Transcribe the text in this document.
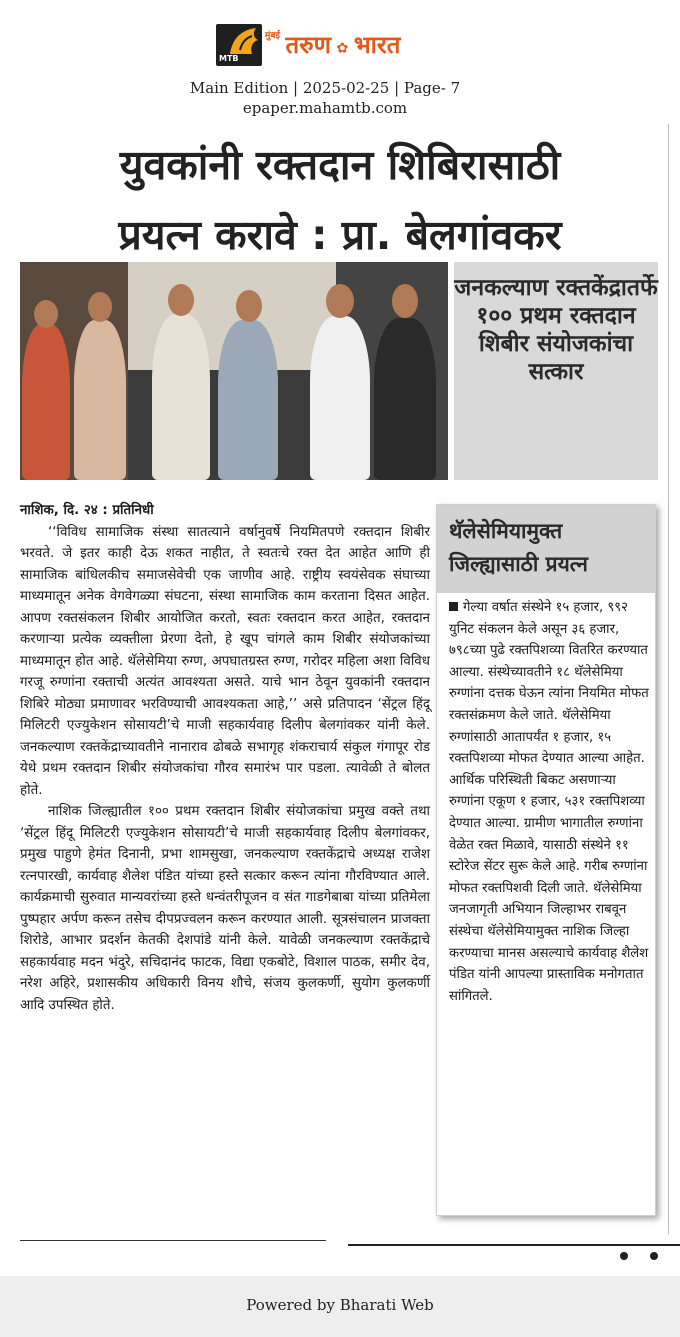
MTB
$^{मुंबई}$ तरुण ✿ भारत
Main Edition | 2025-02-25 | Page- 7
epaper.mahamtb.com
युवकांनी रक्तदान शिबिरासाठी
प्रयत्न करावे : प्रा. बेलगांवकर
जनकल्याण रक्तकेंद्रातर्फे १०० प्रथम रक्तदान शिबीर संयोजकांचा सत्कार
नाशिक, दि. २४ : प्रतिनिधी

‘‘विविध सामाजिक संस्था सातत्याने वर्षानुवर्षे नियमितपणे रक्तदान शिबीर भरवते. जे इतर काही देऊ शकत नाहीत, ते स्वतःचे रक्त देत आहेत आणि ही सामाजिक बांधिलकीच समाजसेवेची एक जाणीव आहे. राष्ट्रीय स्वयंसेवक संघाच्या माध्यमातून अनेक वेगवेगळ्या संघटना, संस्था सामाजिक काम करताना दिसत आहेत. आपण रक्तसंकलन शिबीर आयोजित करतो, स्वतः रक्तदान करत आहेत, रक्तदान करणाऱ्या प्रत्येक व्यक्तीला प्रेरणा देतो, हे खूप चांगले काम शिबीर संयोजकांच्या माध्यमातून होत आहे. थॅलेसेमिया रुग्ण, अपघातग्रस्त रुग्ण, गरोदर महिला अशा विविध गरजू रुग्णांना रक्ताची अत्यंत आवश्यता असते. याचे भान ठेवून युवकांनी रक्तदान शिबिरे मोठ्या प्रमाणावर भरविण्याची आवश्यकता आहे,’’ असे प्रतिपादन ‘सेंट्रल हिंदू मिलिटरी एज्युकेशन सोसायटी’चे माजी सहकार्यवाह दिलीप बेलगांवकर यांनी केले. जनकल्याण रक्तकेंद्राच्यावतीने नानाराव ढोबळे सभागृह शंकराचार्य संकुल गंगापूर रोड येथे प्रथम रक्तदान शिबीर संयोजकांचा गौरव समारंभ पार पडला. त्यावेळी ते बोलत होते.

नाशिक जिल्ह्यातील १०० प्रथम रक्तदान शिबीर संयोजकांचा प्रमुख वक्ते तथा ‘सेंट्रल हिंदू मिलिटरी एज्युकेशन सोसायटी’चे माजी सहकार्यवाह दिलीप बेलगांवकर, प्रमुख पाहुणे हेमंत दिनानी, प्रभा शामसुखा, जनकल्याण रक्तकेंद्राचे अध्यक्ष राजेश रत्नपारखी, कार्यवाह शैलेश पंडित यांच्या हस्ते सत्कार करून त्यांना गौरविण्यात आले. कार्यक्रमाची सुरुवात मान्यवरांच्या हस्ते धन्वंतरीपूजन व संत गाडगेबाबा यांच्या प्रतिमेला पुष्पहार अर्पण करून तसेच दीपप्रज्वलन करून करण्यात आली. सूत्रसंचालन प्राजक्ता शिरोडे, आभार प्रदर्शन केतकी देशपांडे यांनी केले. यावेळी जनकल्याण रक्तकेंद्राचे सहकार्यवाह मदन भंदुरे, सचिदानंद फाटक, विद्या एकबोटे, विशाल पाठक, समीर देव, नरेश अहिरे, प्रशासकीय अधिकारी विनय शौचे, संजय कुलकर्णी, सुयोग कुलकर्णी आदि उपस्थित होते.

थॅलेसेमियामुक्त जिल्ह्यासाठी प्रयत्न
गेल्या वर्षात संस्थेने १५ हजार, ९९२ युनिट संकलन केले असून ३६ हजार, ७९८च्या पुढे रक्तपिशव्या वितरित करण्यात आल्या. संस्थेच्यावतीने १८ थॅलेसेमिया रुग्णांना दत्तक घेऊन त्यांना नियमित मोफत रक्तसंक्रमण केले जाते. थॅलेसेमिया रुग्णांसाठी आतापर्यंत १ हजार, १५ रक्तपिशव्या मोफत देण्यात आल्या आहेत. आर्थिक परिस्थिती बिकट असणाऱ्या रुग्णांना एकूण १ हजार, ५३१ रक्तपिशव्या देण्यात आल्या. ग्रामीण भागातील रुग्णांना वेळेत रक्त मिळावे, यासाठी संस्थेने ११ स्टोरेज सेंटर सुरू केले आहे. गरीब रुग्णांना मोफत रक्तपिशवी दिली जाते. थॅलेसेमिया जनजागृती अभियान जिल्हाभर राबवून संस्थेचा थॅलेसेमियामुक्त नाशिक जिल्हा करण्याचा मानस असल्याचे कार्यवाह शैलेश पंडित यांनी आपल्या प्रास्ताविक मनोगतात सांगितले.
Powered by Bharati Web
